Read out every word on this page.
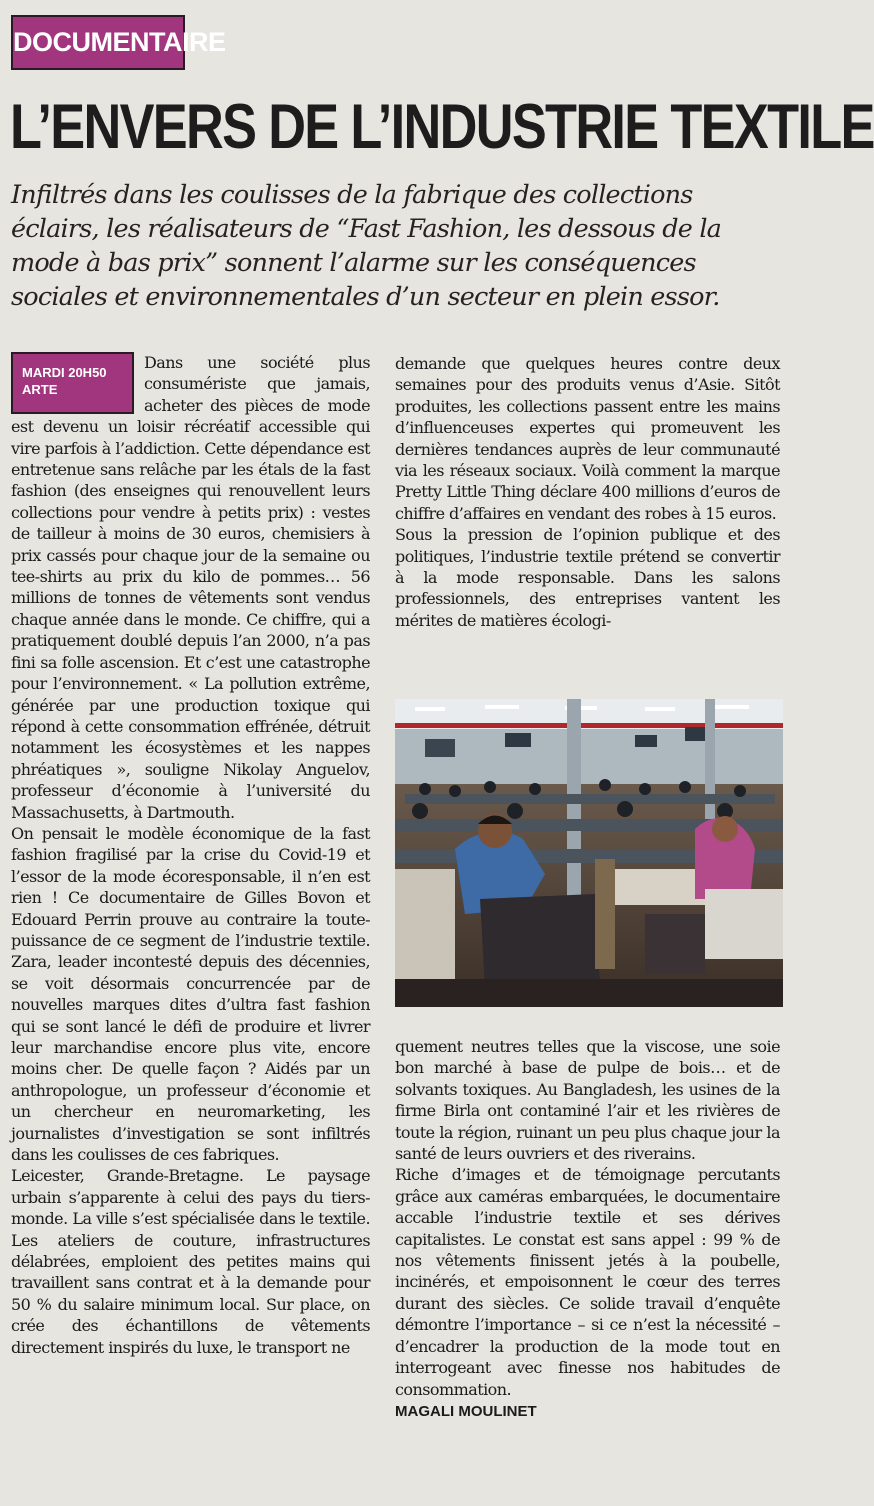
DOCUMENTAIRE
L’ENVERS DE L’INDUSTRIE TEXTILE
Infiltrés dans les coulisses de la fabrique des collections éclairs, les réalisateurs de “Fast Fashion, les dessous de la mode à bas prix” sonnent l’alarme sur les conséquences sociales et environnementales d’un secteur en plein essor.
MARDI 20H50
ARTE

Dans une société plus consumériste que jamais, acheter des pièces de mode est devenu un loisir récréatif accessible qui vire parfois à l’addiction. Cette dépendance est entretenue sans relâche par les étals de la fast fashion (des enseignes qui renouvellent leurs collections pour vendre à petits prix) : vestes de tailleur à moins de 30 euros, chemisiers à prix cassés pour chaque jour de la semaine ou tee-shirts au prix du kilo de pommes… 56 millions de tonnes de vêtements sont vendus chaque année dans le monde. Ce chiffre, qui a pratiquement doublé depuis l’an 2000, n’a pas fini sa folle ascension. Et c’est une catastrophe pour l’environnement. « La pollution extrême, générée par une production toxique qui répond à cette consommation effrénée, détruit notamment les écosystèmes et les nappes phréatiques », souligne Nikolay Anguelov, professeur d’économie à l’université du Massachusetts, à Dartmouth.

On pensait le modèle économique de la fast fashion fragilisé par la crise du Covid-19 et l’essor de la mode écoresponsable, il n’en est rien ! Ce documentaire de Gilles Bovon et Edouard Perrin prouve au contraire la toute-puissance de ce segment de l’industrie textile. Zara, leader incontesté depuis des décennies, se voit désormais concurrencée par de nouvelles marques dites d’ultra fast fashion qui se sont lancé le défi de produire et livrer leur marchandise encore plus vite, encore moins cher. De quelle façon ? Aidés par un anthropologue, un professeur d’économie et un chercheur en neuromarketing, les journalistes d’investigation se sont infiltrés dans les coulisses de ces fabriques.

Leicester, Grande-Bretagne. Le paysage urbain s’apparente à celui des pays du tiers-monde. La ville s’est spécialisée dans le textile. Les ateliers de couture, infrastructures délabrées, emploient des petites mains qui travaillent sans contrat et à la demande pour 50 % du salaire minimum local. Sur place, on crée des échantillons de vêtements directement inspirés du luxe, le transport ne

demande que quelques heures contre deux semaines pour des produits venus d’Asie. Sitôt produites, les collections passent entre les mains d’influenceuses expertes qui promeuvent les dernières tendances auprès de leur communauté via les réseaux sociaux. Voilà comment la marque Pretty Little Thing déclare 400 millions d’euros de chiffre d’affaires en vendant des robes à 15 euros.

Sous la pression de l’opinion publique et des politiques, l’industrie textile prétend se convertir à la mode responsable. Dans les salons professionnels, des entreprises vantent les mérites de matières écologi-

quement neutres telles que la viscose, une soie bon marché à base de pulpe de bois… et de solvants toxiques. Au Bangladesh, les usines de la firme Birla ont contaminé l’air et les rivières de toute la région, ruinant un peu plus chaque jour la santé de leurs ouvriers et des riverains.

Riche d’images et de témoignage percutants grâce aux caméras embarquées, le documentaire accable l’industrie textile et ses dérives capitalistes. Le constat est sans appel : 99 % de nos vêtements finissent jetés à la poubelle, incinérés, et empoisonnent le cœur des terres durant des siècles. Ce solide travail d’enquête démontre l’importance – si ce n’est la nécessité – d’encadrer la production de la mode tout en interrogeant avec finesse nos habitudes de consommation.

MAGALI MOULINET
